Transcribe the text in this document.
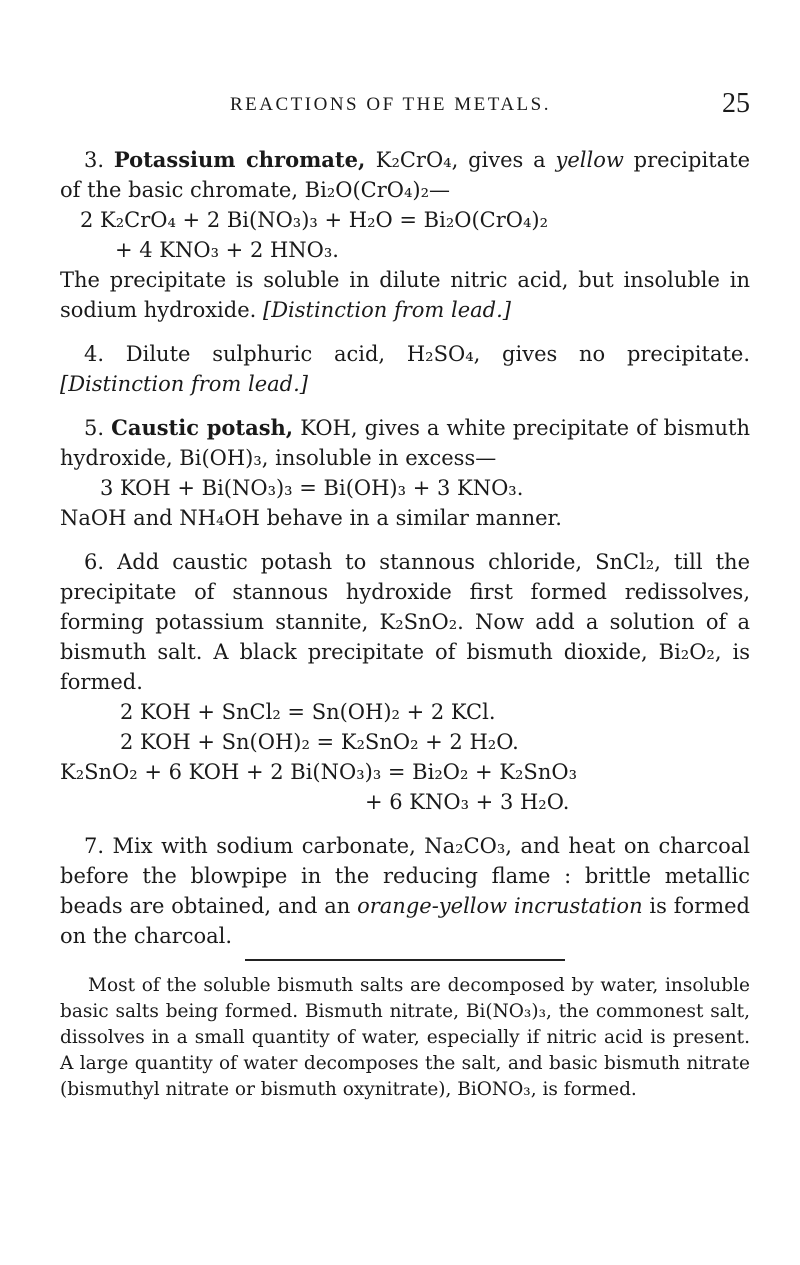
REACTIONS OF THE METALS.	25

3. Potassium chromate, K₂CrO₄, gives a yellow precipitate of the basic chromate, Bi₂O(CrO₄)₂—

2 K₂CrO₄ + 2 Bi(NO₃)₃ + H₂O = Bi₂O(CrO₄)₂

+ 4 KNO₃ + 2 HNO₃.

The precipitate is soluble in dilute nitric acid, but insoluble in sodium hydroxide. [Distinction from lead.]

4. Dilute sulphuric acid, H₂SO₄, gives no precipitate. [Distinction from lead.]

5. Caustic potash, KOH, gives a white precipitate of bismuth hydroxide, Bi(OH)₃, insoluble in excess—

3 KOH + Bi(NO₃)₃ = Bi(OH)₃ + 3 KNO₃.

NaOH and NH₄OH behave in a similar manner.

6. Add caustic potash to stannous chloride, SnCl₂, till the precipitate of stannous hydroxide first formed redissolves, forming potassium stannite, K₂SnO₂. Now add a solution of a bismuth salt. A black precipitate of bismuth dioxide, Bi₂O₂, is formed.

2 KOH + SnCl₂ = Sn(OH)₂ + 2 KCl.

2 KOH + Sn(OH)₂ = K₂SnO₂ + 2 H₂O.

K₂SnO₂ + 6 KOH + 2 Bi(NO₃)₃ = Bi₂O₂ + K₂SnO₃

+ 6 KNO₃ + 3 H₂O.

7. Mix with sodium carbonate, Na₂CO₃, and heat on charcoal before the blowpipe in the reducing flame : brittle metallic beads are obtained, and an orange-yellow incrustation is formed on the charcoal.

Most of the soluble bismuth salts are decomposed by water, insoluble basic salts being formed. Bismuth nitrate, Bi(NO₃)₃, the commonest salt, dissolves in a small quantity of water, especially if nitric acid is present. A large quantity of water decomposes the salt, and basic bismuth nitrate (bismuthyl nitrate or bismuth oxynitrate), BiONO₃, is formed.
